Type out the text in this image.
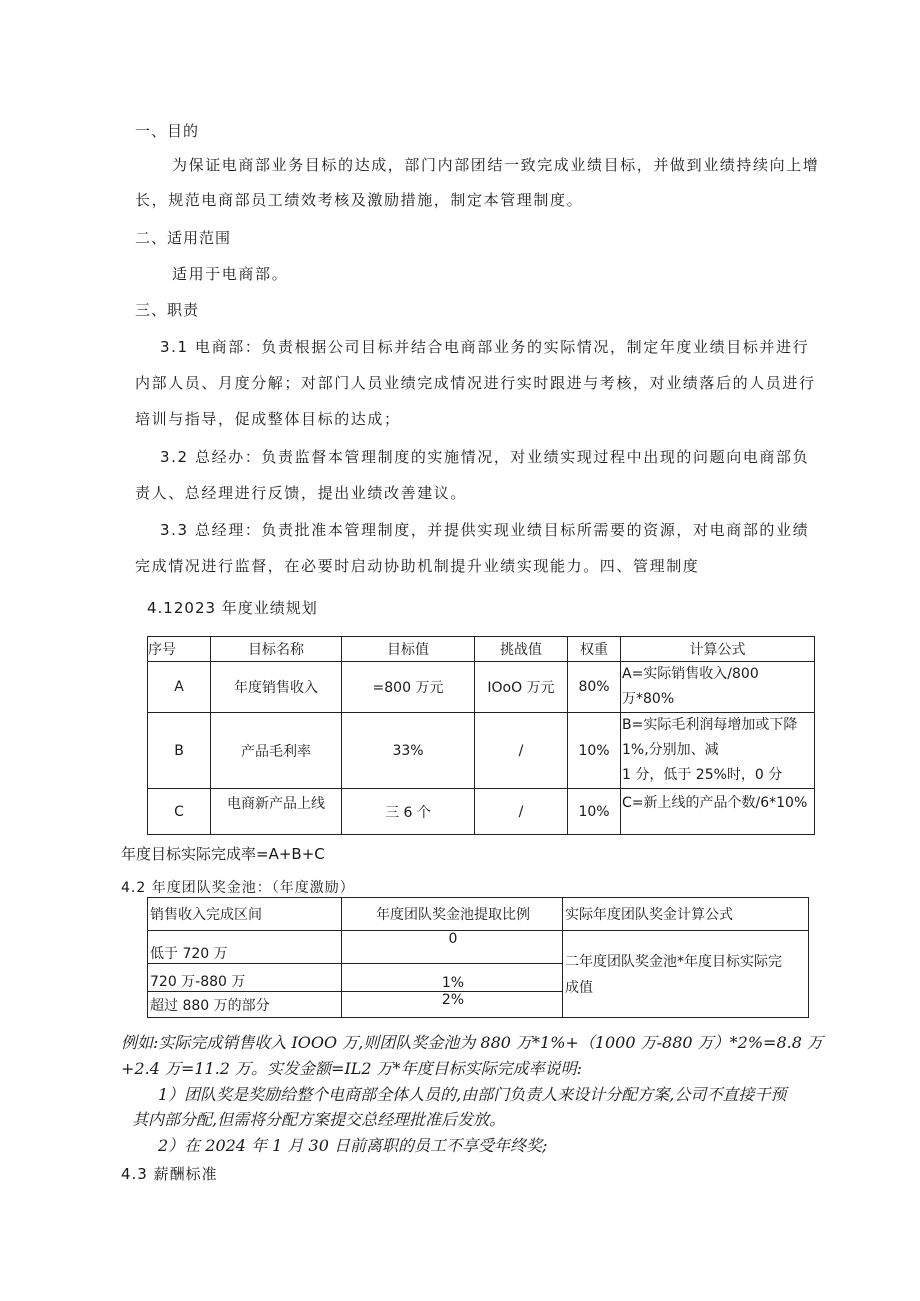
一、目的
为保证电商部业务目标的达成，部门内部团结一致完成业绩目标，并做到业绩持续向上增
长，规范电商部员工绩效考核及激励措施，制定本管理制度。
二、适用范围
适用于电商部。
三、职责
3.1 电商部：负责根据公司目标并结合电商部业务的实际情况，制定年度业绩目标并进行
内部人员、月度分解；对部门人员业绩完成情况进行实时跟进与考核，对业绩落后的人员进行
培训与指导，促成整体目标的达成；
3.2 总经办：负责监督本管理制度的实施情况，对业绩实现过程中出现的问题向电商部负
责人、总经理进行反馈，提出业绩改善建议。
3.3 总经理：负责批准本管理制度，并提供实现业绩目标所需要的资源，对电商部的业绩
完成情况进行监督，在必要时启动协助机制提升业绩实现能力。四、管理制度
4.12023 年度业绩规划
序号	目标名称	目标值	挑战值	权重	计算公式
A	年度销售收入	=800 万元	IOoO 万元	80%	A=实际销售收入/800
万*80%

B	产品毛利率	33%	/	10%	B=实际毛利润每增加或下降
1%,分别加、减
1 分，低于 25%时，0 分

C	电商新产品上线	三 6 个	/	10%	C=新上线的产品个数/6*10%
年度目标实际完成率=A+B+C
4.2 年度团队奖金池：（年度激励）
销售收入完成区间	年度团队奖金池提取比例	实际年度团队奖金计算公式
低于 720 万	0	二年度团队奖金池*年度目标实际完
成值

720 万-880 万	1%	
超过 880 万的部分	2%	
例如:实际完成销售收入 IOOO 万,则团队奖金池为 880 万*1%+（1000 万-880 万）*2%=8.8 万
+2.4 万=11.2 万。实发金额=IL2 万*年度目标实际完成率说明:
1）团队奖是奖励给整个电商部全体人员的,由部门负责人来设计分配方案,公司不直接干预
其内部分配,但需将分配方案提交总经理批准后发放。
2）在 2024 年 1 月 30 日前离职的员工不享受年终奖;
4.3 薪酬标准
